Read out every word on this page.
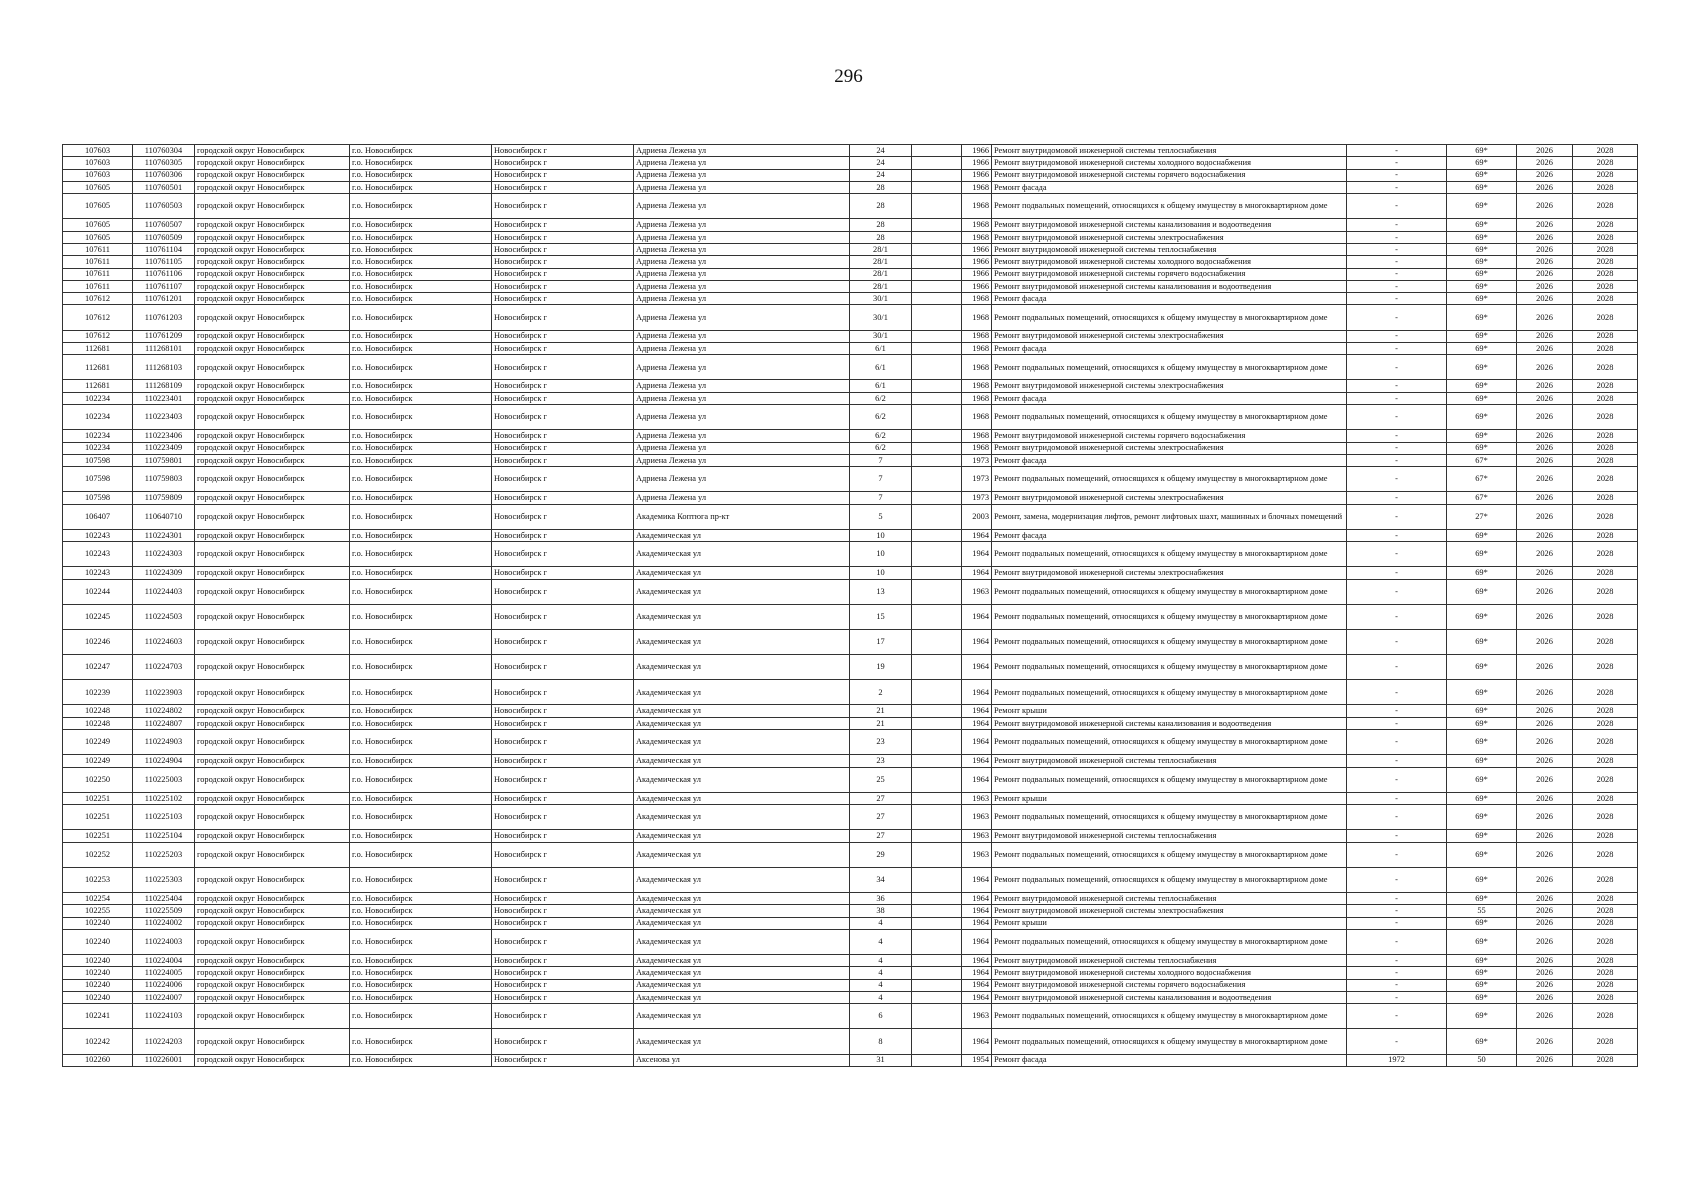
296
107603	110760304	городской округ Новосибирск	г.о. Новосибирск	Новосибирск г	Адриена Лежена ул	24		1966	Ремонт внутридомовой инженерной системы теплоснабжения	-	69*	2026	2028
107603	110760305	городской округ Новосибирск	г.о. Новосибирск	Новосибирск г	Адриена Лежена ул	24		1966	Ремонт внутридомовой инженерной системы холодного водоснабжения	-	69*	2026	2028
107603	110760306	городской округ Новосибирск	г.о. Новосибирск	Новосибирск г	Адриена Лежена ул	24		1966	Ремонт внутридомовой инженерной системы горячего водоснабжения	-	69*	2026	2028
107605	110760501	городской округ Новосибирск	г.о. Новосибирск	Новосибирск г	Адриена Лежена ул	28		1968	Ремонт фасада	-	69*	2026	2028
107605	110760503	городской округ Новосибирск	г.о. Новосибирск	Новосибирск г	Адриена Лежена ул	28		1968	Ремонт подвальных помещений, относящихся к общему имуществу в многоквартирном доме	-	69*	2026	2028
107605	110760507	городской округ Новосибирск	г.о. Новосибирск	Новосибирск г	Адриена Лежена ул	28		1968	Ремонт внутридомовой инженерной системы канализования и водоотведения	-	69*	2026	2028
107605	110760509	городской округ Новосибирск	г.о. Новосибирск	Новосибирск г	Адриена Лежена ул	28		1968	Ремонт внутридомовой инженерной системы электроснабжения	-	69*	2026	2028
107611	110761104	городской округ Новосибирск	г.о. Новосибирск	Новосибирск г	Адриена Лежена ул	28/1		1966	Ремонт внутридомовой инженерной системы теплоснабжения	-	69*	2026	2028
107611	110761105	городской округ Новосибирск	г.о. Новосибирск	Новосибирск г	Адриена Лежена ул	28/1		1966	Ремонт внутридомовой инженерной системы холодного водоснабжения	-	69*	2026	2028
107611	110761106	городской округ Новосибирск	г.о. Новосибирск	Новосибирск г	Адриена Лежена ул	28/1		1966	Ремонт внутридомовой инженерной системы горячего водоснабжения	-	69*	2026	2028
107611	110761107	городской округ Новосибирск	г.о. Новосибирск	Новосибирск г	Адриена Лежена ул	28/1		1966	Ремонт внутридомовой инженерной системы канализования и водоотведения	-	69*	2026	2028
107612	110761201	городской округ Новосибирск	г.о. Новосибирск	Новосибирск г	Адриена Лежена ул	30/1		1968	Ремонт фасада	-	69*	2026	2028
107612	110761203	городской округ Новосибирск	г.о. Новосибирск	Новосибирск г	Адриена Лежена ул	30/1		1968	Ремонт подвальных помещений, относящихся к общему имуществу в многоквартирном доме	-	69*	2026	2028
107612	110761209	городской округ Новосибирск	г.о. Новосибирск	Новосибирск г	Адриена Лежена ул	30/1		1968	Ремонт внутридомовой инженерной системы электроснабжения	-	69*	2026	2028
112681	111268101	городской округ Новосибирск	г.о. Новосибирск	Новосибирск г	Адриена Лежена ул	6/1		1968	Ремонт фасада	-	69*	2026	2028
112681	111268103	городской округ Новосибирск	г.о. Новосибирск	Новосибирск г	Адриена Лежена ул	6/1		1968	Ремонт подвальных помещений, относящихся к общему имуществу в многоквартирном доме	-	69*	2026	2028
112681	111268109	городской округ Новосибирск	г.о. Новосибирск	Новосибирск г	Адриена Лежена ул	6/1		1968	Ремонт внутридомовой инженерной системы электроснабжения	-	69*	2026	2028
102234	110223401	городской округ Новосибирск	г.о. Новосибирск	Новосибирск г	Адриена Лежена ул	6/2		1968	Ремонт фасада	-	69*	2026	2028
102234	110223403	городской округ Новосибирск	г.о. Новосибирск	Новосибирск г	Адриена Лежена ул	6/2		1968	Ремонт подвальных помещений, относящихся к общему имуществу в многоквартирном доме	-	69*	2026	2028
102234	110223406	городской округ Новосибирск	г.о. Новосибирск	Новосибирск г	Адриена Лежена ул	6/2		1968	Ремонт внутридомовой инженерной системы горячего водоснабжения	-	69*	2026	2028
102234	110223409	городской округ Новосибирск	г.о. Новосибирск	Новосибирск г	Адриена Лежена ул	6/2		1968	Ремонт внутридомовой инженерной системы электроснабжения	-	69*	2026	2028
107598	110759801	городской округ Новосибирск	г.о. Новосибирск	Новосибирск г	Адриена Лежена ул	7		1973	Ремонт фасада	-	67*	2026	2028
107598	110759803	городской округ Новосибирск	г.о. Новосибирск	Новосибирск г	Адриена Лежена ул	7		1973	Ремонт подвальных помещений, относящихся к общему имуществу в многоквартирном доме	-	67*	2026	2028
107598	110759809	городской округ Новосибирск	г.о. Новосибирск	Новосибирск г	Адриена Лежена ул	7		1973	Ремонт внутридомовой инженерной системы электроснабжения	-	67*	2026	2028
106407	110640710	городской округ Новосибирск	г.о. Новосибирск	Новосибирск г	Академика Коптюга пр-кт	5		2003	Ремонт, замена, модернизация лифтов, ремонт лифтовых шахт, машинных и блочных помещений	-	27*	2026	2028
102243	110224301	городской округ Новосибирск	г.о. Новосибирск	Новосибирск г	Академическая ул	10		1964	Ремонт фасада	-	69*	2026	2028
102243	110224303	городской округ Новосибирск	г.о. Новосибирск	Новосибирск г	Академическая ул	10		1964	Ремонт подвальных помещений, относящихся к общему имуществу в многоквартирном доме	-	69*	2026	2028
102243	110224309	городской округ Новосибирск	г.о. Новосибирск	Новосибирск г	Академическая ул	10		1964	Ремонт внутридомовой инженерной системы электроснабжения	-	69*	2026	2028
102244	110224403	городской округ Новосибирск	г.о. Новосибирск	Новосибирск г	Академическая ул	13		1963	Ремонт подвальных помещений, относящихся к общему имуществу в многоквартирном доме	-	69*	2026	2028
102245	110224503	городской округ Новосибирск	г.о. Новосибирск	Новосибирск г	Академическая ул	15		1964	Ремонт подвальных помещений, относящихся к общему имуществу в многоквартирном доме	-	69*	2026	2028
102246	110224603	городской округ Новосибирск	г.о. Новосибирск	Новосибирск г	Академическая ул	17		1964	Ремонт подвальных помещений, относящихся к общему имуществу в многоквартирном доме	-	69*	2026	2028
102247	110224703	городской округ Новосибирск	г.о. Новосибирск	Новосибирск г	Академическая ул	19		1964	Ремонт подвальных помещений, относящихся к общему имуществу в многоквартирном доме	-	69*	2026	2028
102239	110223903	городской округ Новосибирск	г.о. Новосибирск	Новосибирск г	Академическая ул	2		1964	Ремонт подвальных помещений, относящихся к общему имуществу в многоквартирном доме	-	69*	2026	2028
102248	110224802	городской округ Новосибирск	г.о. Новосибирск	Новосибирск г	Академическая ул	21		1964	Ремонт крыши	-	69*	2026	2028
102248	110224807	городской округ Новосибирск	г.о. Новосибирск	Новосибирск г	Академическая ул	21		1964	Ремонт внутридомовой инженерной системы канализования и водоотведения	-	69*	2026	2028
102249	110224903	городской округ Новосибирск	г.о. Новосибирск	Новосибирск г	Академическая ул	23		1964	Ремонт подвальных помещений, относящихся к общему имуществу в многоквартирном доме	-	69*	2026	2028
102249	110224904	городской округ Новосибирск	г.о. Новосибирск	Новосибирск г	Академическая ул	23		1964	Ремонт внутридомовой инженерной системы теплоснабжения	-	69*	2026	2028
102250	110225003	городской округ Новосибирск	г.о. Новосибирск	Новосибирск г	Академическая ул	25		1964	Ремонт подвальных помещений, относящихся к общему имуществу в многоквартирном доме	-	69*	2026	2028
102251	110225102	городской округ Новосибирск	г.о. Новосибирск	Новосибирск г	Академическая ул	27		1963	Ремонт крыши	-	69*	2026	2028
102251	110225103	городской округ Новосибирск	г.о. Новосибирск	Новосибирск г	Академическая ул	27		1963	Ремонт подвальных помещений, относящихся к общему имуществу в многоквартирном доме	-	69*	2026	2028
102251	110225104	городской округ Новосибирск	г.о. Новосибирск	Новосибирск г	Академическая ул	27		1963	Ремонт внутридомовой инженерной системы теплоснабжения	-	69*	2026	2028
102252	110225203	городской округ Новосибирск	г.о. Новосибирск	Новосибирск г	Академическая ул	29		1963	Ремонт подвальных помещений, относящихся к общему имуществу в многоквартирном доме	-	69*	2026	2028
102253	110225303	городской округ Новосибирск	г.о. Новосибирск	Новосибирск г	Академическая ул	34		1964	Ремонт подвальных помещений, относящихся к общему имуществу в многоквартирном доме	-	69*	2026	2028
102254	110225404	городской округ Новосибирск	г.о. Новосибирск	Новосибирск г	Академическая ул	36		1964	Ремонт внутридомовой инженерной системы теплоснабжения	-	69*	2026	2028
102255	110225509	городской округ Новосибирск	г.о. Новосибирск	Новосибирск г	Академическая ул	38		1964	Ремонт внутридомовой инженерной системы электроснабжения	-	55	2026	2028
102240	110224002	городской округ Новосибирск	г.о. Новосибирск	Новосибирск г	Академическая ул	4		1964	Ремонт крыши	-	69*	2026	2028
102240	110224003	городской округ Новосибирск	г.о. Новосибирск	Новосибирск г	Академическая ул	4		1964	Ремонт подвальных помещений, относящихся к общему имуществу в многоквартирном доме	-	69*	2026	2028
102240	110224004	городской округ Новосибирск	г.о. Новосибирск	Новосибирск г	Академическая ул	4		1964	Ремонт внутридомовой инженерной системы теплоснабжения	-	69*	2026	2028
102240	110224005	городской округ Новосибирск	г.о. Новосибирск	Новосибирск г	Академическая ул	4		1964	Ремонт внутридомовой инженерной системы холодного водоснабжения	-	69*	2026	2028
102240	110224006	городской округ Новосибирск	г.о. Новосибирск	Новосибирск г	Академическая ул	4		1964	Ремонт внутридомовой инженерной системы горячего водоснабжения	-	69*	2026	2028
102240	110224007	городской округ Новосибирск	г.о. Новосибирск	Новосибирск г	Академическая ул	4		1964	Ремонт внутридомовой инженерной системы канализования и водоотведения	-	69*	2026	2028
102241	110224103	городской округ Новосибирск	г.о. Новосибирск	Новосибирск г	Академическая ул	6		1963	Ремонт подвальных помещений, относящихся к общему имуществу в многоквартирном доме	-	69*	2026	2028
102242	110224203	городской округ Новосибирск	г.о. Новосибирск	Новосибирск г	Академическая ул	8		1964	Ремонт подвальных помещений, относящихся к общему имуществу в многоквартирном доме	-	69*	2026	2028
102260	110226001	городской округ Новосибирск	г.о. Новосибирск	Новосибирск г	Аксенова ул	31		1954	Ремонт фасада	1972	50	2026	2028
